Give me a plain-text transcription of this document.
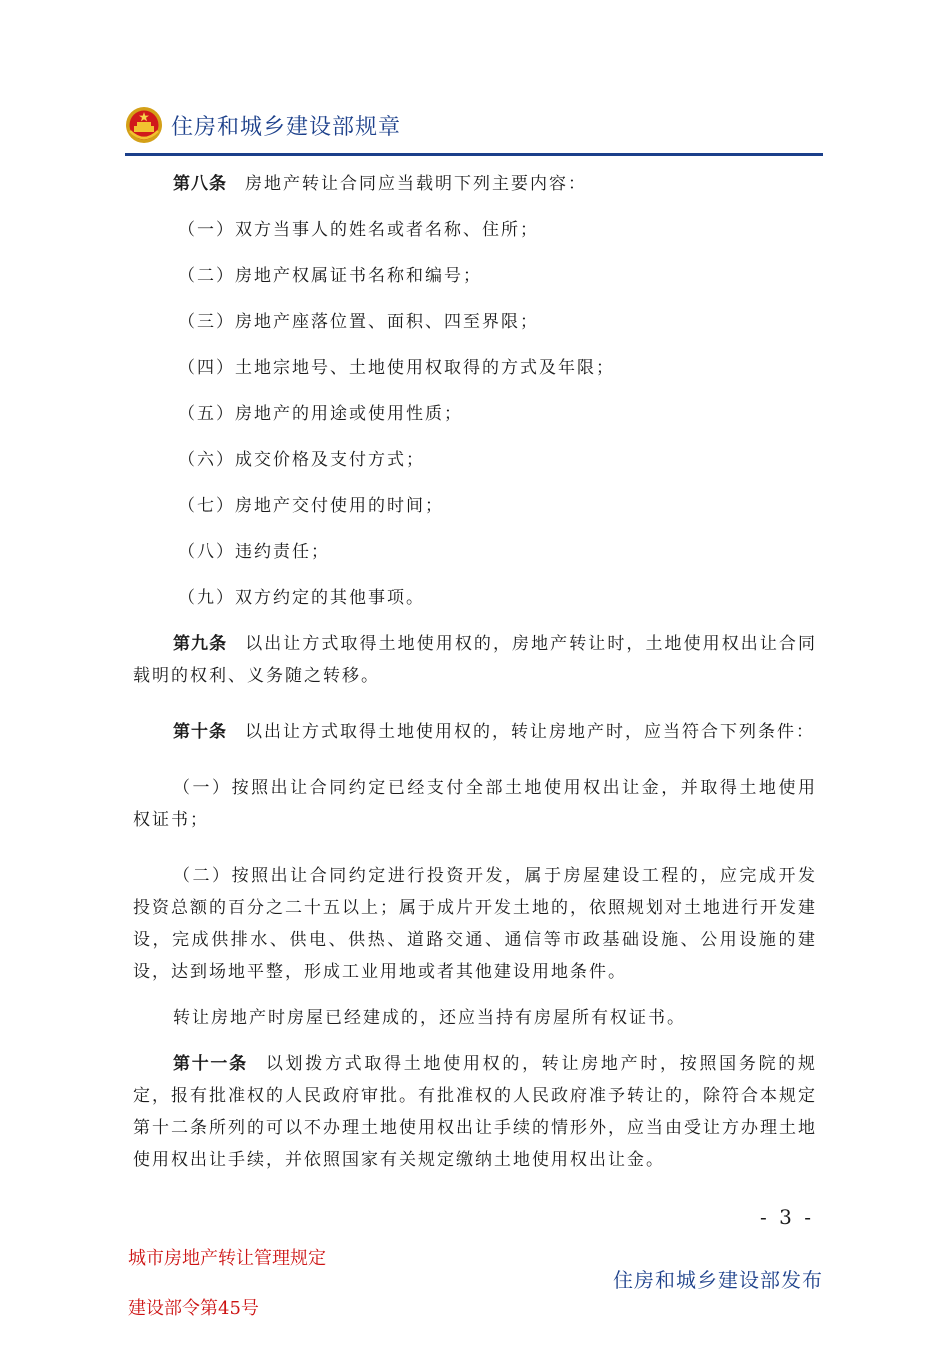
住房和城乡建设部规章

第八条 房地产转让合同应当载明下列主要内容：

（一）双方当事人的姓名或者名称、住所；

（二）房地产权属证书名称和编号；

（三）房地产座落位置、面积、四至界限；

（四）土地宗地号、土地使用权取得的方式及年限；

（五）房地产的用途或使用性质；

（六）成交价格及支付方式；

（七）房地产交付使用的时间；

（八）违约责任；

（九）双方约定的其他事项。

第九条 以出让方式取得土地使用权的，房地产转让时，土地使用权出让合同载明的权利、义务随之转移。

第十条 以出让方式取得土地使用权的，转让房地产时，应当符合下列条件：

（一）按照出让合同约定已经支付全部土地使用权出让金，并取得土地使用权证书；

（二）按照出让合同约定进行投资开发，属于房屋建设工程的，应完成开发投资总额的百分之二十五以上；属于成片开发土地的，依照规划对土地进行开发建设，完成供排水、供电、供热、道路交通、通信等市政基础设施、公用设施的建设，达到场地平整，形成工业用地或者其他建设用地条件。

转让房地产时房屋已经建成的，还应当持有房屋所有权证书。

第十一条 以划拨方式取得土地使用权的，转让房地产时，按照国务院的规定，报有批准权的人民政府审批。有批准权的人民政府准予转让的，除符合本规定第十二条所列的可以不办理土地使用权出让手续的情形外，应当由受让方办理土地使用权出让手续，并依照国家有关规定缴纳土地使用权出让金。

- 3 -
城市房地产转让管理规定
建设部令第45号
住房和城乡建设部发布
